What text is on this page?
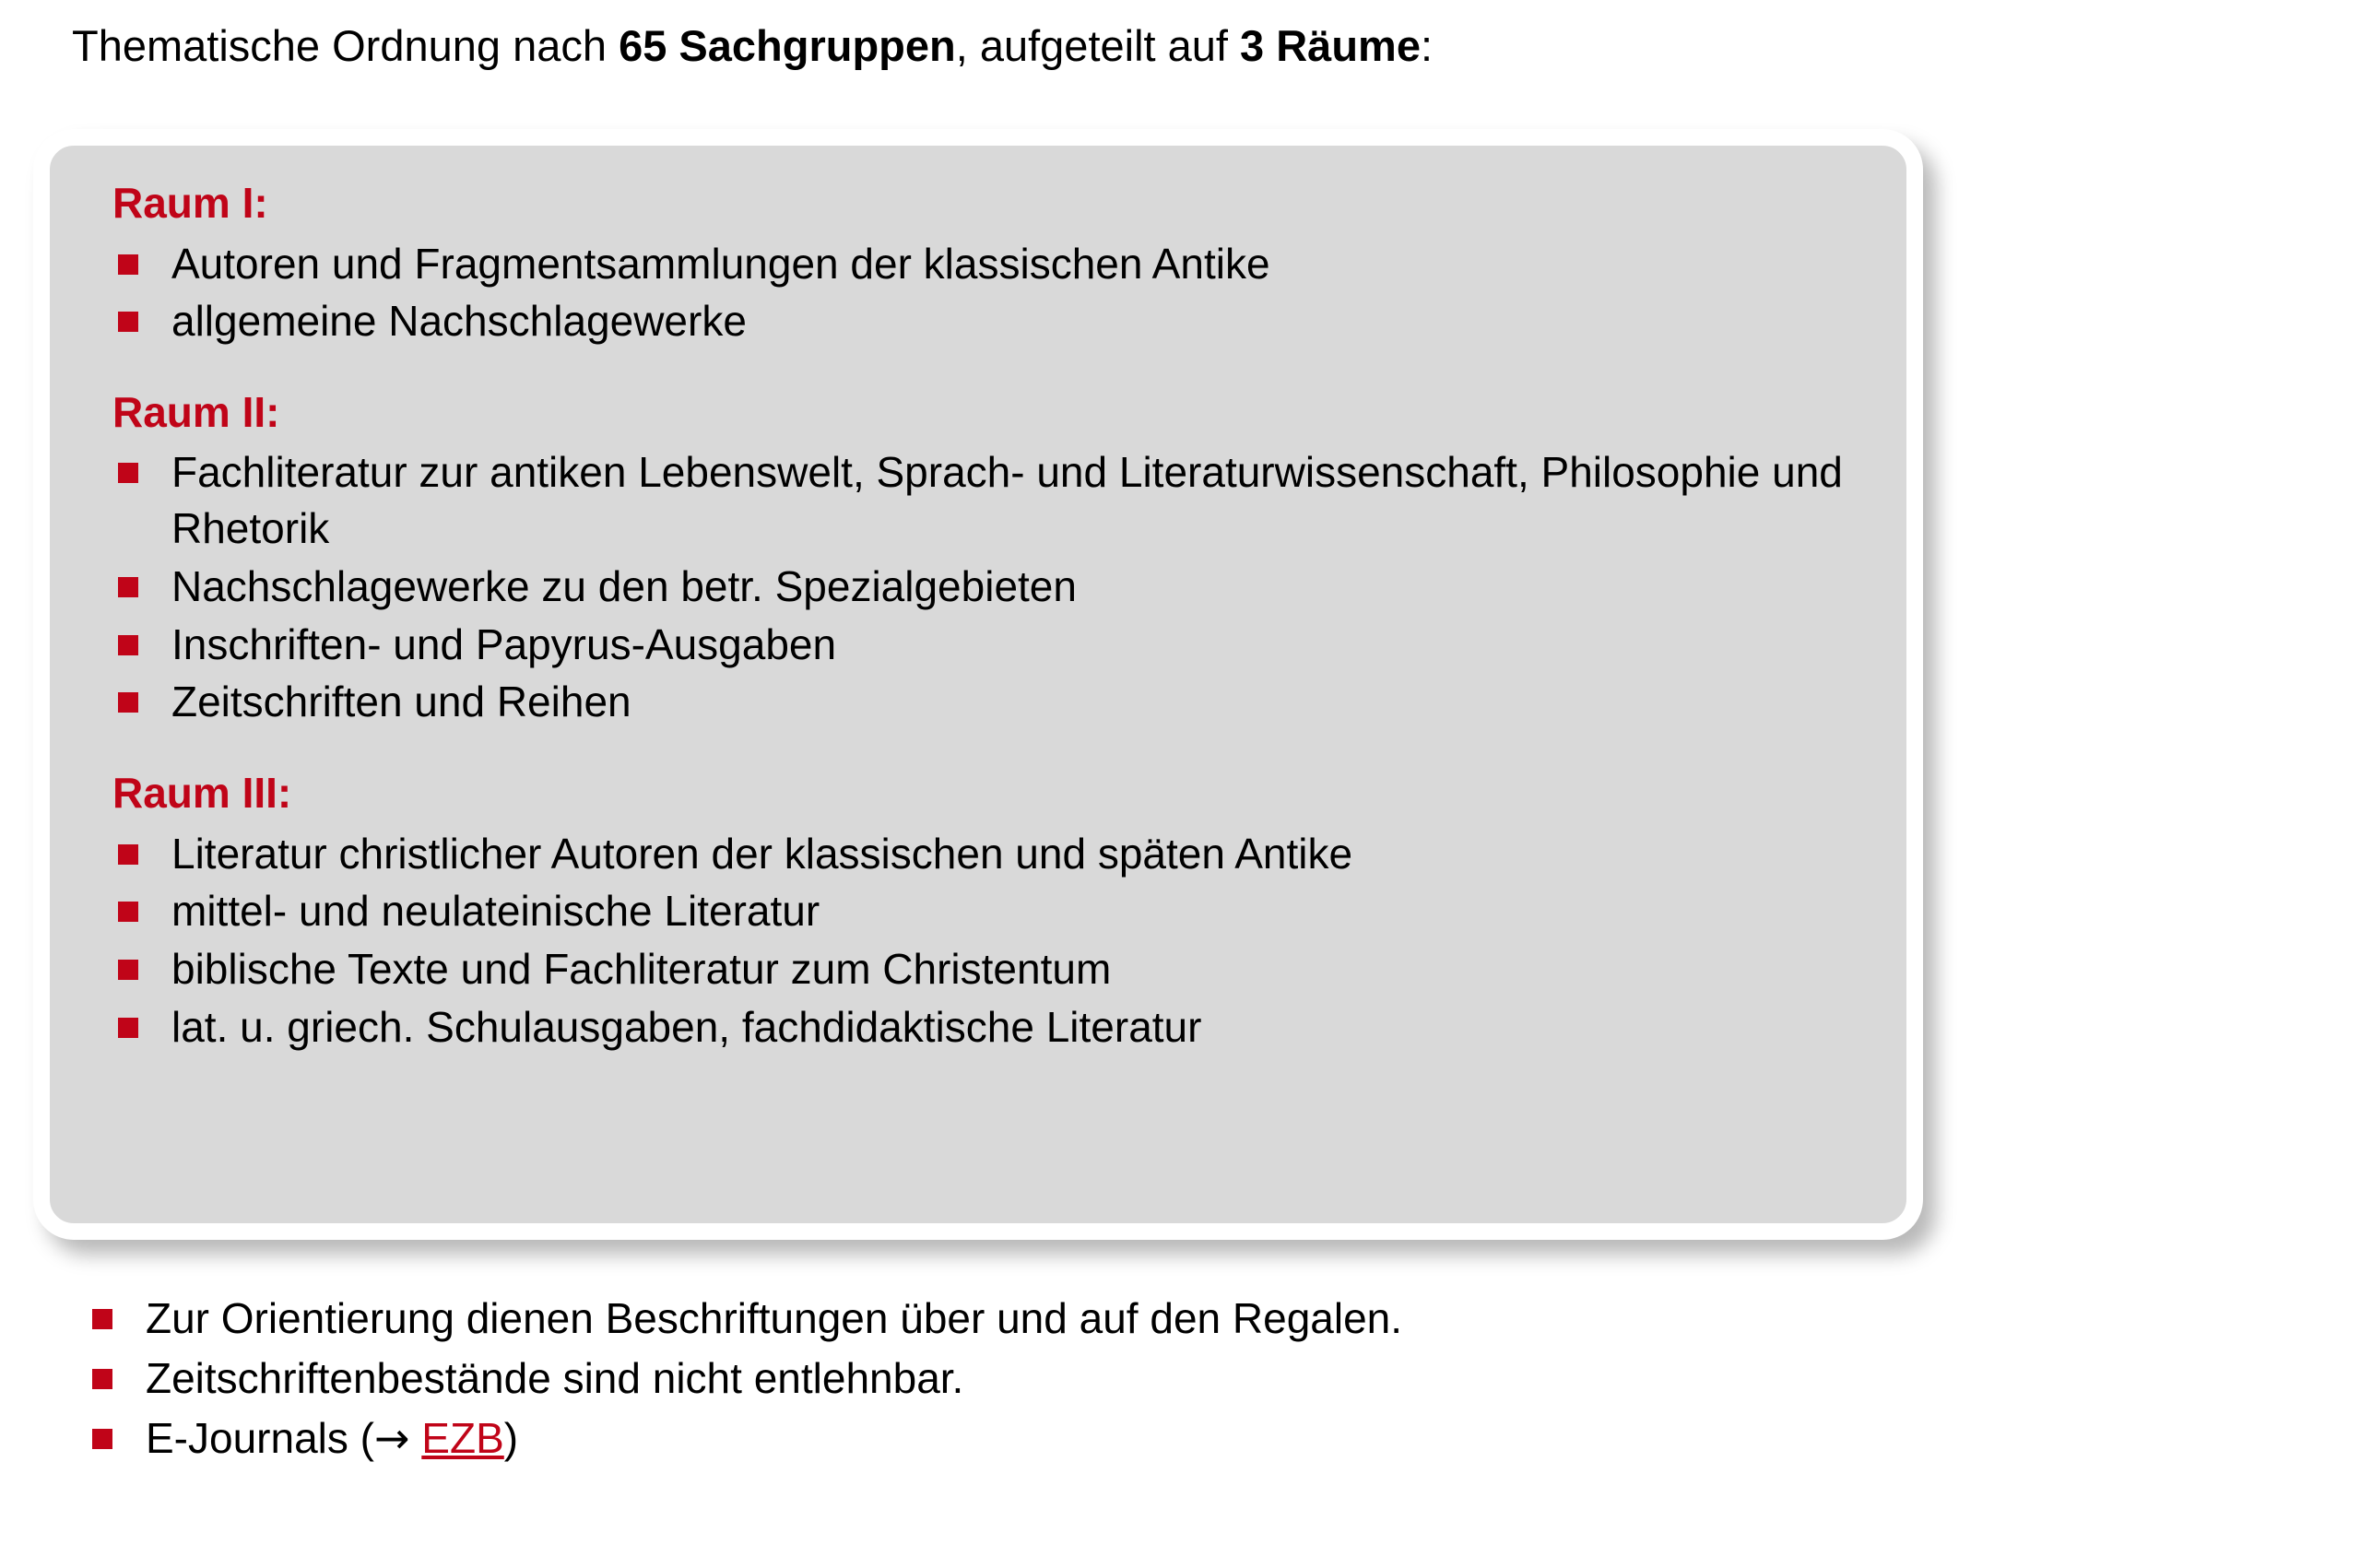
Thematische Ordnung nach 65 Sachgruppen, aufgeteilt auf 3 Räume:
Raum I:
Autoren und Fragmentsammlungen der klassischen Antike
allgemeine Nachschlagewerke
Raum II:
Fachliteratur zur antiken Lebenswelt, Sprach- und Literaturwissenschaft, Philosophie und Rhetorik
Nachschlagewerke zu den betr. Spezialgebieten
Inschriften- und Papyrus-Ausgaben
Zeitschriften und Reihen
Raum III:
Literatur christlicher Autoren der klassischen und späten Antike
mittel- und neulateinische Literatur
biblische Texte und Fachliteratur zum Christentum
lat. u. griech. Schulausgaben, fachdidaktische Literatur
Zur Orientierung dienen Beschriftungen über und auf den Regalen.
Zeitschriftenbestände sind nicht entlehnbar.
E-Journals (→ EZB)
